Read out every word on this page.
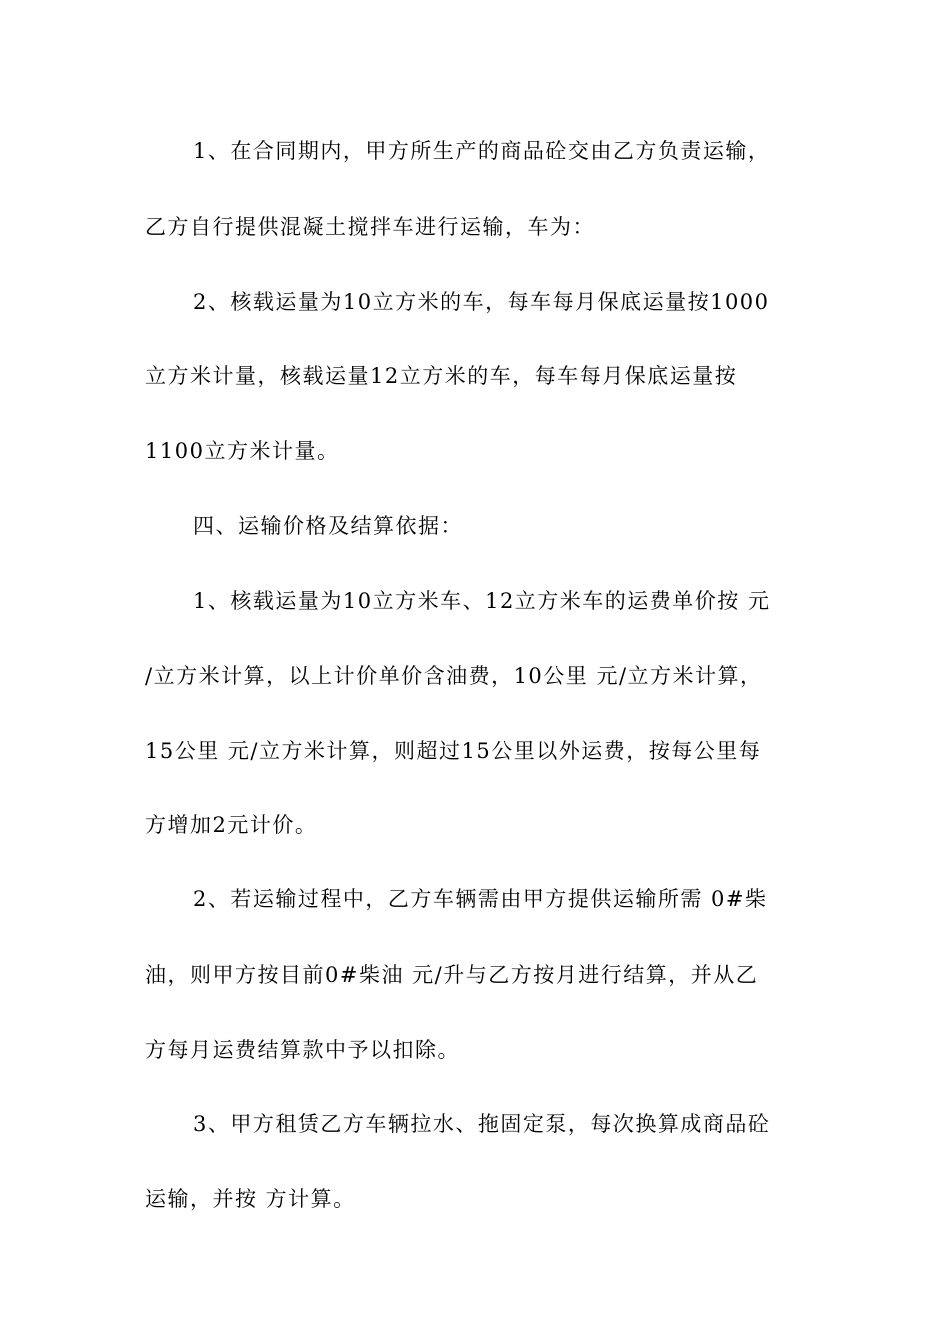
1、在合同期内，甲方所生产的商品砼交由乙方负责运输，
乙方自行提供混凝土搅拌车进行运输，车为：
2、核载运量为10立方米的车，每车每月保底运量按1000
立方米计量，核载运量12立方米的车，每车每月保底运量按
1100立方米计量。
四、运输价格及结算依据：
1、核载运量为10立方米车、12立方米车的运费单价按 元
/立方米计算，以上计价单价含油费，10公里 元/立方米计算，
15公里 元/立方米计算，则超过15公里以外运费，按每公里每
方增加2元计价。
2、若运输过程中，乙方车辆需由甲方提供运输所需 0#柴
油，则甲方按目前0#柴油 元/升与乙方按月进行结算，并从乙
方每月运费结算款中予以扣除。
3、甲方租赁乙方车辆拉水、拖固定泵，每次换算成商品砼
运输，并按 方计算。
